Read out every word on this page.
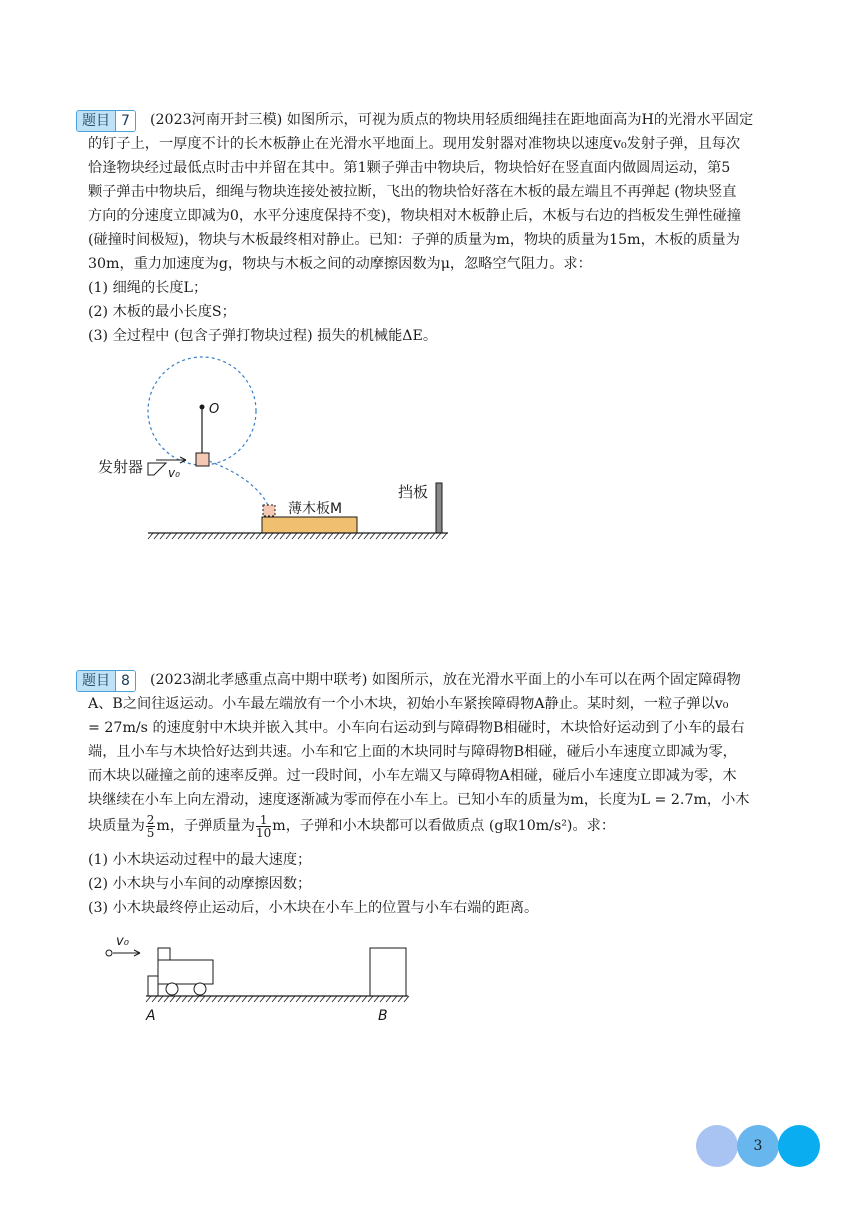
题目 7	(2023河南开封三模) 如图所示，可视为质点的物块用轻质细绳挂在距地面高为H的光滑水平固定
的钉子上，一厚度不计的长木板静止在光滑水平地面上。现用发射器对准物块以速度v₀发射子弹，且每次
恰逢物块经过最低点时击中并留在其中。第1颗子弹击中物块后，物块恰好在竖直面内做圆周运动，第5
颗子弹击中物块后，细绳与物块连接处被拉断，飞出的物块恰好落在木板的最左端且不再弹起 (物块竖直
方向的分速度立即减为0，水平分速度保持不变)，物块相对木板静止后，木板与右边的挡板发生弹性碰撞
(碰撞时间极短)，物块与木板最终相对静止。已知：子弹的质量为m，物块的质量为15m，木板的质量为
30m，重力加速度为g，物块与木板之间的动摩擦因数为μ，忽略空气阻力。求：
(1) 细绳的长度L；
(2) 木板的最小长度S；
(3) 全过程中 (包含子弹打物块过程) 损失的机械能ΔE。
O
发射器 v₀
薄木板M
挡板
题目 8	(2023湖北孝感重点高中期中联考) 如图所示，放在光滑水平面上的小车可以在两个固定障碍物
A、B之间往返运动。小车最左端放有一个小木块，初始小车紧挨障碍物A静止。某时刻，一粒子弹以v₀
= 27m/s 的速度射中木块并嵌入其中。小车向右运动到与障碍物B相碰时，木块恰好运动到了小车的最右
端，且小车与木块恰好达到共速。小车和它上面的木块同时与障碍物B相碰，碰后小车速度立即减为零，
而木块以碰撞之前的速率反弹。过一段时间，小车左端又与障碍物A相碰，碰后小车速度立即减为零，木
块继续在小车上向左滑动，速度逐渐减为零而停在小车上。已知小车的质量为m，长度为L = 2.7m，小木
块质量为 $\frac{2}{5}$ m，子弹质量为 $\frac{1}{10}$ m，子弹和小木块都可以看做质点 (g取10m/s²)。求：
(1) 小木块运动过程中的最大速度；
(2) 小木块与小车间的动摩擦因数；
(3) 小木块最终停止运动后，小木块在小车上的位置与小车右端的距离。
v₀
A	B
3
